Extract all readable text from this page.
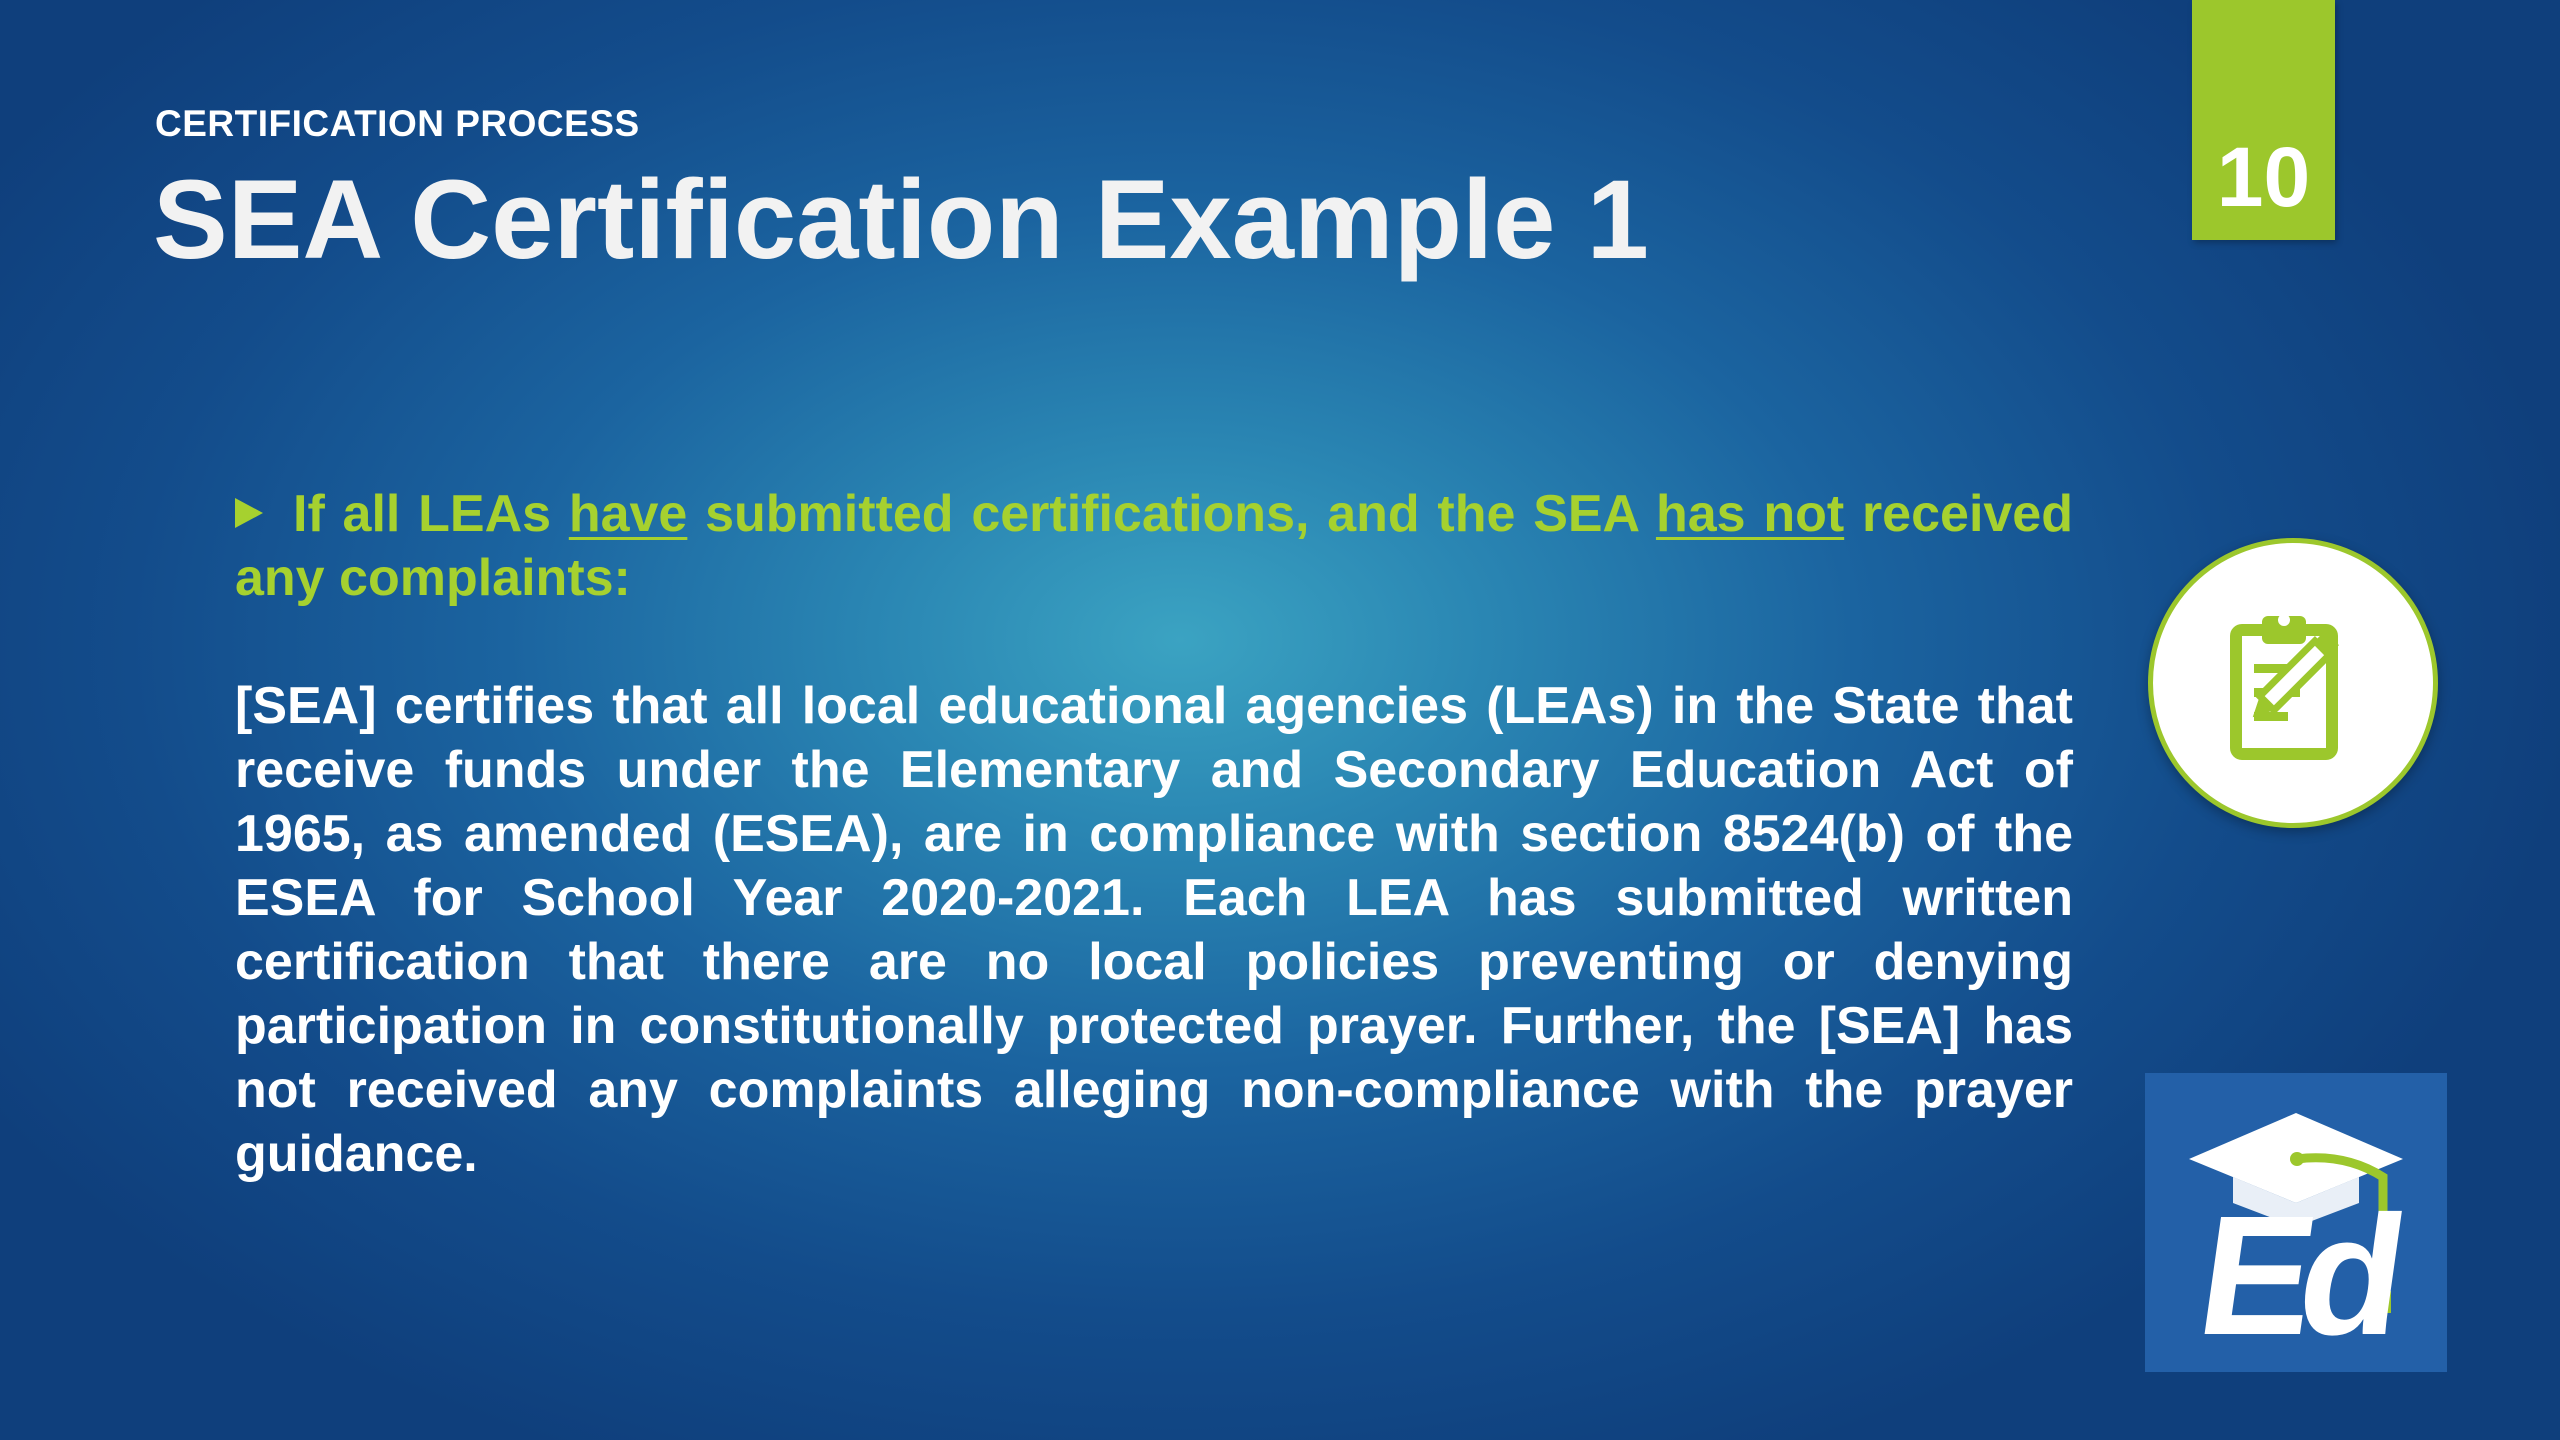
CERTIFICATION PROCESS
SEA Certification Example 1	10

If all LEAs have submitted certifications, and the SEA has not received any complaints:

[SEA] certifies that all local educational agencies (LEAs) in the State that receive funds under the Elementary and Secondary Education Act of 1965, as amended (ESEA), are in compliance with section 8524(b) of the ESEA for School Year 2020-2021. Each LEA has submitted written certification that there are no local policies preventing or denying participation in constitutionally protected prayer. Further, the [SEA] has not received any complaints alleging non-compliance with the prayer guidance.

Ed
